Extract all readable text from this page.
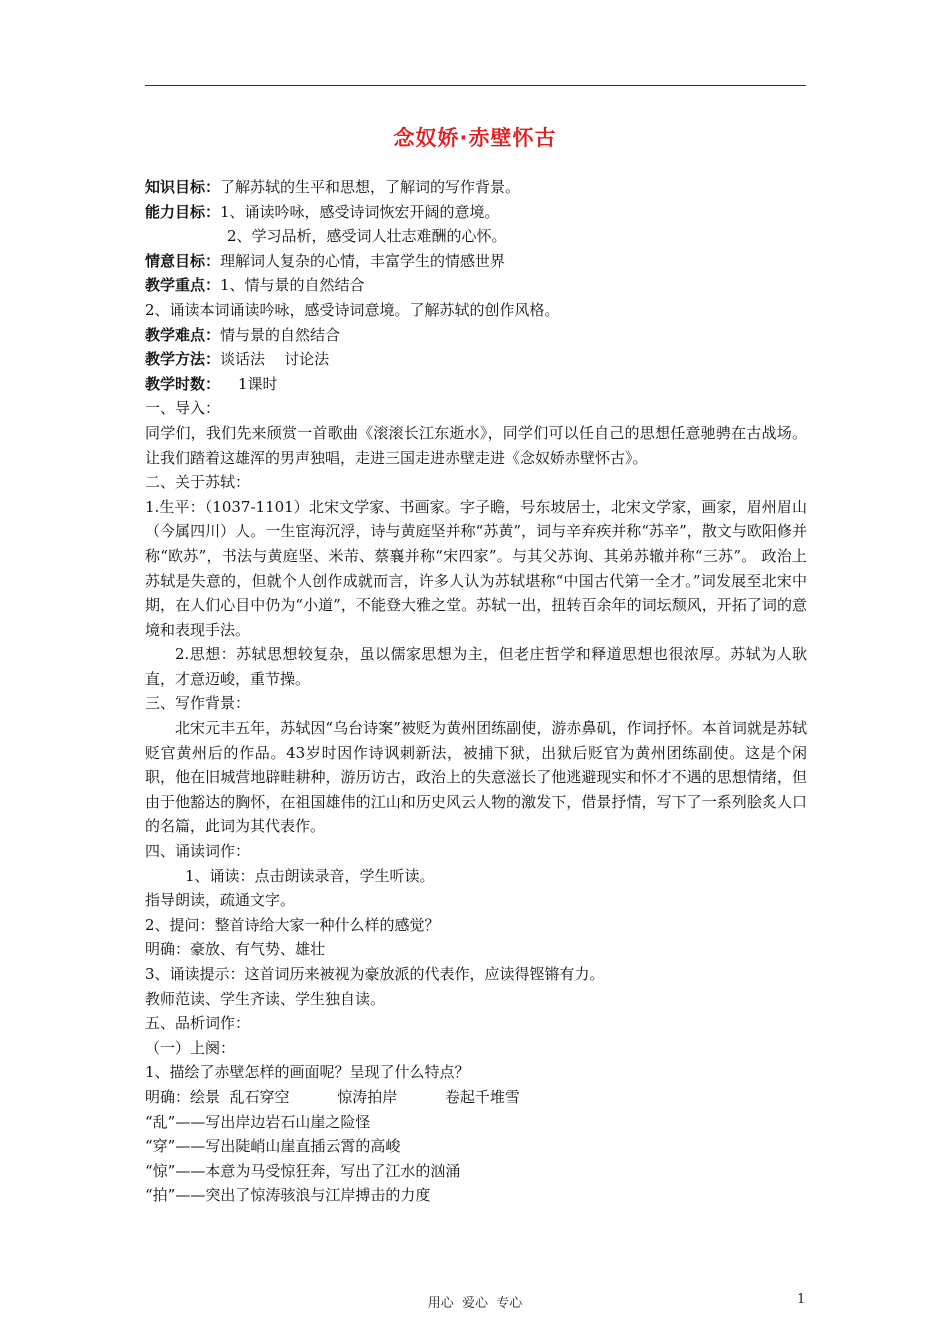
念奴娇·赤壁怀古
知识目标：了解苏轼的生平和思想，了解词的写作背景。
能力目标：1、诵读吟咏，感受诗词恢宏开阔的意境。
2、学习品析，感受词人壮志难酬的心怀。
情意目标：理解词人复杂的心情，丰富学生的情感世界
教学重点：1、情与景的自然结合
2、诵读本词诵读吟咏，感受诗词意境。了解苏轼的创作风格。
教学难点：情与景的自然结合
教学方法：谈话法    讨论法
教学时数： 1课时
一、导入：
同学们，我们先来颀赏一首歌曲《滚滚长江东逝水》，同学们可以任自己的思想任意驰骋在古战场。让我们踏着这雄浑的男声独唱，走进三国走进赤壁走进《念奴娇赤壁怀古》。
二、关于苏轼：
1.生平：（1037-1101）北宋文学家、书画家。字子瞻，号东坡居士，北宋文学家，画家，眉州眉山（今属四川）人。一生宦海沉浮，诗与黄庭坚并称“苏黄”，词与辛弃疾并称“苏辛”，散文与欧阳修并称“欧苏”，书法与黄庭坚、米芾、蔡襄并称“宋四家”。与其父苏询、其弟苏辙并称“三苏”。 政治上苏轼是失意的，但就个人创作成就而言，许多人认为苏轼堪称“中国古代第一全才。”词发展至北宋中期，在人们心目中仍为“小道”，不能登大雅之堂。苏轼一出，扭转百余年的词坛颓风，开拓了词的意境和表现手法。
2.思想：苏轼思想较复杂，虽以儒家思想为主，但老庄哲学和释道思想也很浓厚。苏轼为人耿直，才意迈峻，重节操。
三、写作背景：
北宋元丰五年，苏轼因“乌台诗案”被贬为黄州团练副使，游赤鼻矶，作词抒怀。本首词就是苏轼贬官黄州后的作品。43岁时因作诗讽刺新法，被捕下狱，出狱后贬官为黄州团练副使。这是个闲职，他在旧城营地辟畦耕种，游历访古，政治上的失意滋长了他逃避现实和怀才不遇的思想情绪，但由于他豁达的胸怀，在祖国雄伟的江山和历史风云人物的激发下，借景抒情，写下了一系列脍炙人口的名篇，此词为其代表作。
四、诵读词作：
1、诵读：点击朗读录音，学生听读。
指导朗读，疏通文字。
2、提问：整首诗给大家一种什么样的感觉？
明确：豪放、有气势、雄壮
3、诵读提示：这首词历来被视为豪放派的代表作，应读得铿锵有力。
教师范读、学生齐读、学生独自读。
五、品析词作：
（一）上阕：
1、描绘了赤壁怎样的画面呢？呈现了什么特点？
明确：绘景  乱石穿空          惊涛拍岸          卷起千堆雪
“乱”——写出岸边岩石山崖之险怪
“穿”——写出陡峭山崖直插云霄的高峻
“惊”——本意为马受惊狂奔，写出了江水的汹涌
“拍”——突出了惊涛骇浪与江岸搏击的力度
用心  爱心  专心	1
